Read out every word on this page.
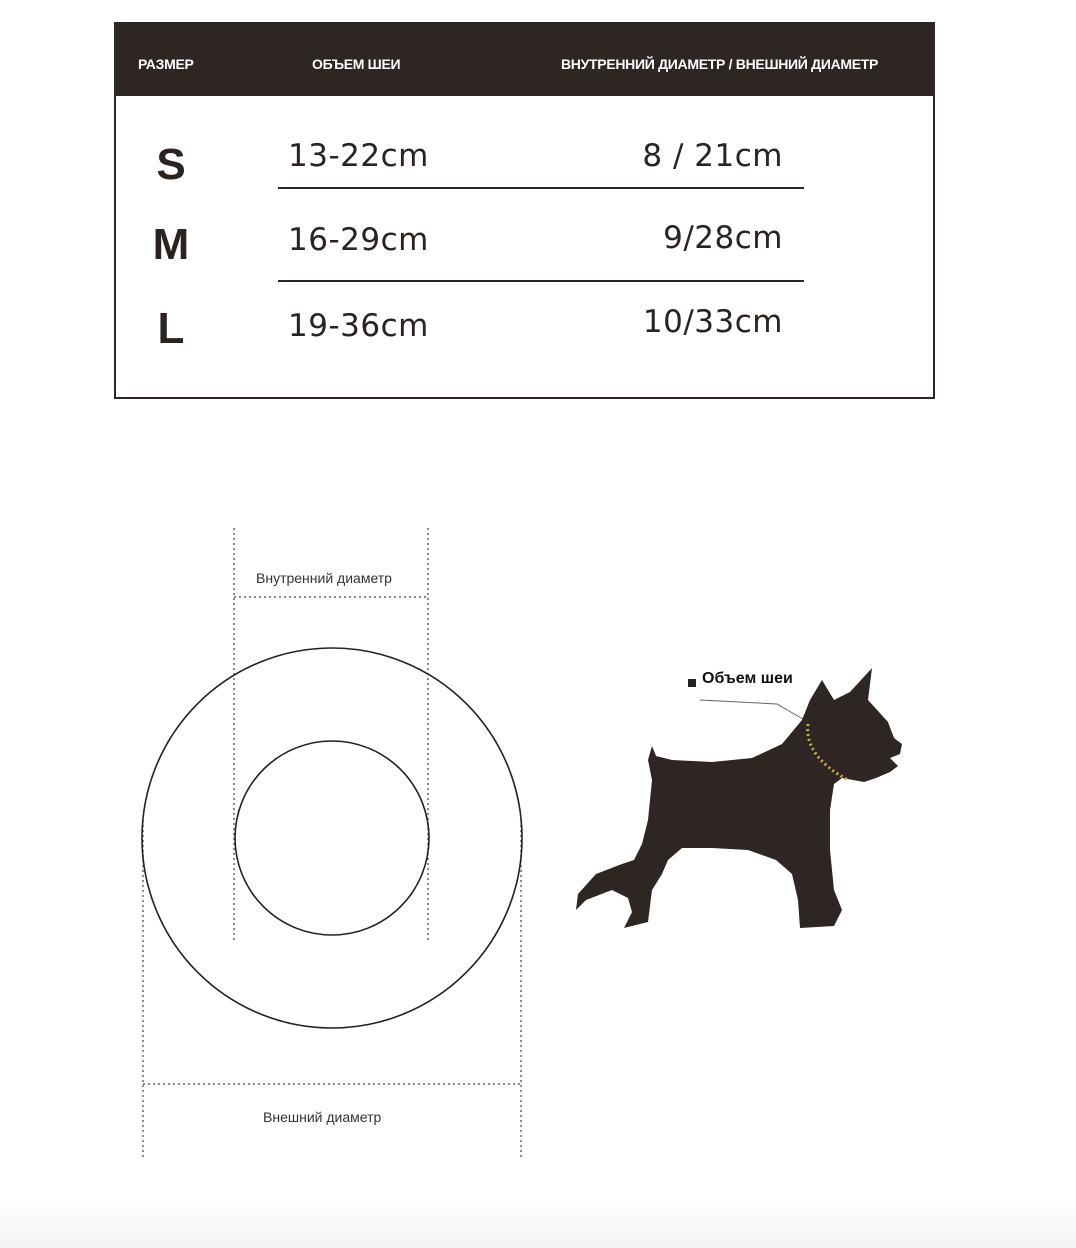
РАЗМЕР	ОБЪЕМ ШЕИ	ВНУТРЕННИЙ ДИАМЕТР / ВНЕШНИЙ ДИАМЕТР
S	13-22cm	8 / 21cm
M	16-29cm	9/28cm
L	19-36cm	10/33cm
Внутренний диаметр
Внешний диаметр
Объем шеи
